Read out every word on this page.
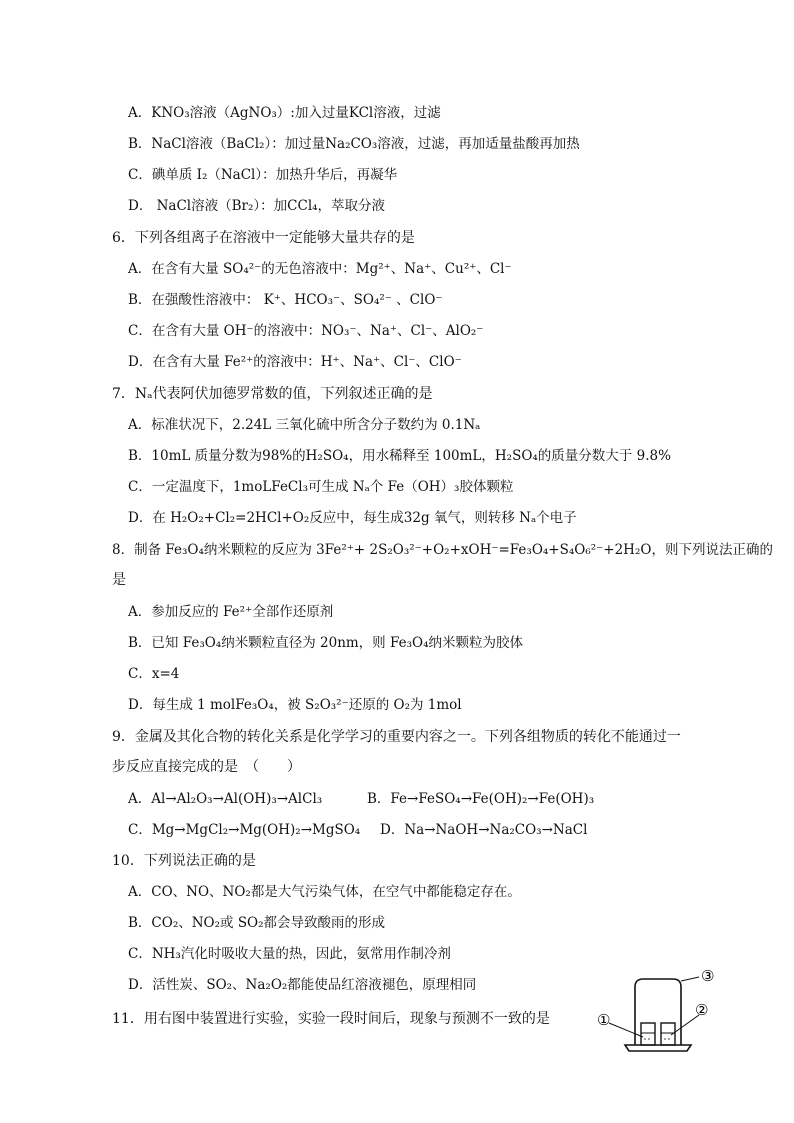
A．KNO₃溶液（AgNO₃）:加入过量KCl溶液，过滤
B．NaCl溶液（BaCl₂）：加过量Na₂CO₃溶液，过滤，再加适量盐酸再加热
C．碘单质 I₂（NaCl）：加热升华后，再凝华
D． NaCl溶液（Br₂）：加CCl₄，萃取分液
6．下列各组离子在溶液中一定能够大量共存的是
A．在含有大量 SO₄²⁻的无色溶液中：Mg²⁺、Na⁺、Cu²⁺、Cl⁻
B．在强酸性溶液中： K⁺、HCO₃⁻、SO₄²⁻ 、ClO⁻
C．在含有大量 OH⁻的溶液中：NO₃⁻、Na⁺、Cl⁻、AlO₂⁻
D．在含有大量 Fe²⁺的溶液中：H⁺、Na⁺、Cl⁻、ClO⁻
7．Nₐ代表阿伏加德罗常数的值，下列叙述正确的是
A．标准状况下，2.24L 三氧化硫中所含分子数约为 0.1Nₐ
B．10mL 质量分数为98%的H₂SO₄，用水稀释至 100mL，H₂SO₄的质量分数大于 9.8%
C．一定温度下，1moLFeCl₃可生成 Nₐ个 Fe（OH）₃胶体颗粒
D．在 H₂O₂+Cl₂=2HCl+O₂反应中，每生成32g 氧气，则转移 Nₐ个电子
8．制备 Fe₃O₄纳米颗粒的反应为 3Fe²⁺+ 2S₂O₃²⁻+O₂+xOH⁻=Fe₃O₄+S₄O₆²⁻+2H₂O，则下列说法正确的
是
A．参加反应的 Fe²⁺全部作还原剂
B．已知 Fe₃O₄纳米颗粒直径为 20nm，则 Fe₃O₄纳米颗粒为胶体
C．x=4
D．每生成 1 molFe₃O₄，被 S₂O₃²⁻还原的 O₂为 1mol
9．金属及其化合物的转化关系是化学学习的重要内容之一。下列各组物质的转化不能通过一
步反应直接完成的是　（　　）
A．Al→Al₂O₃→Al(OH)₃→AlCl₃	B．Fe→FeSO₄→Fe(OH)₂→Fe(OH)₃
C．Mg→MgCl₂→Mg(OH)₂→MgSO₄ D．Na→NaOH→Na₂CO₃→NaCl
10．下列说法正确的是
A．CO、NO、NO₂都是大气污染气体，在空气中都能稳定存在。
B．CO₂、NO₂或 SO₂都会导致酸雨的形成
C．NH₃汽化时吸收大量的热，因此，氨常用作制冷剂
D．活性炭、SO₂、Na₂O₂都能使品红溶液褪色，原理相同
11．用右图中装置进行实验，实验一段时间后，现象与预测不一致的是	①
②
③
